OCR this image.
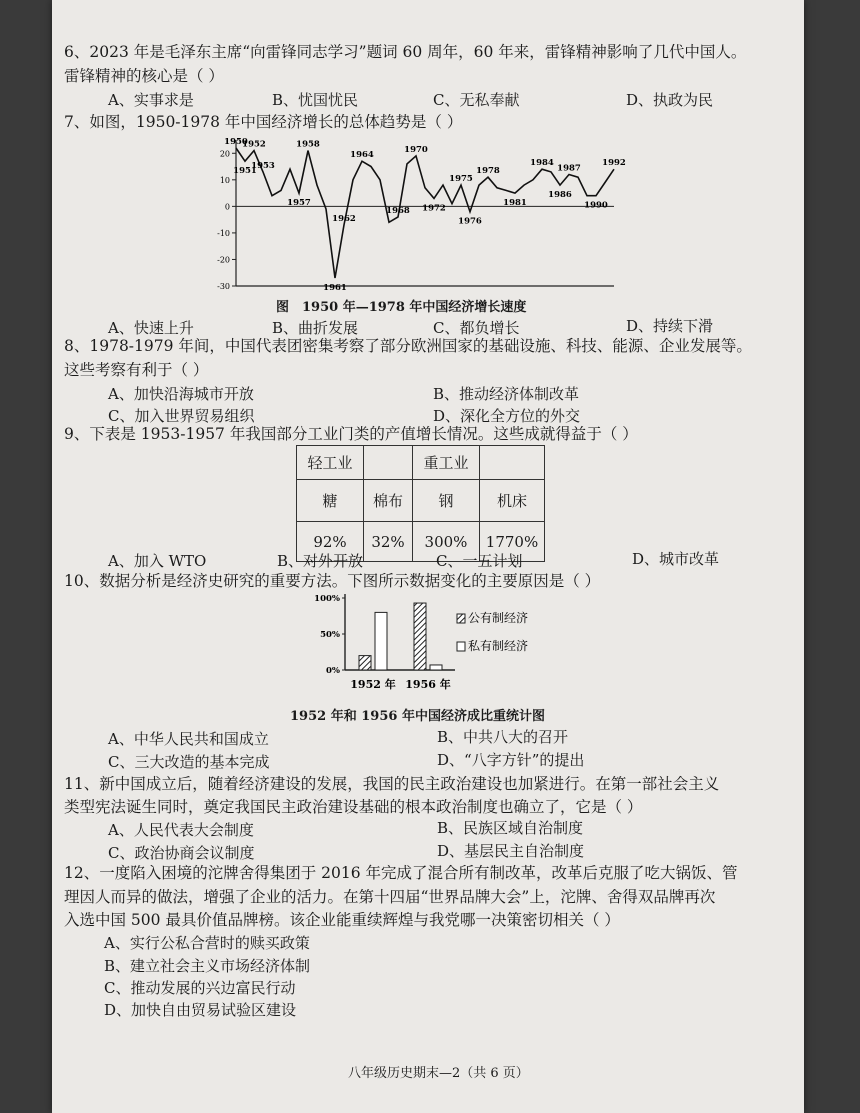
6、2023 年是毛泽东主席“向雷锋同志学习”题词 60 周年，60 年来，雷锋精神影响了几代中国人。
雷锋精神的核心是（ ）
A、实事求是	B、忧国忧民	C、无私奉献	D、执政为民
7、如图，1950-1978 年中国经济增长的总体趋势是（ ）
20
10
0
-10
-20
-30
1950
1951
1952
1953
1957
1958
1961
1962
1964
1968
1970
1972
1975
1976
1978
1981
1984
1986
1987
1990
1992
图　1950 年—1978 年中国经济增长速度
A、快速上升	B、曲折发展	C、都负增长	D、持续下滑
8、1978-1979 年间，中国代表团密集考察了部分欧洲国家的基础设施、科技、能源、企业发展等。
这些考察有利于（ ）
A、加快沿海城市开放	B、推动经济体制改革
C、加入世界贸易组织	D、深化全方位的外交
9、下表是 1953-1957 年我国部分工业门类的产值增长情况。这些成就得益于（ ）
轻工业		重工业	
糖	棉布	钢	机床
92%	32%	300%	1770%
A、加入 WTO	B、对外开放	C、一五计划	D、城市改革
10、数据分析是经济史研究的重要方法。下图所示数据变化的主要原因是（ ）
100%
50%
0%
1952 年 1956 年
公有制经济
私有制经济
1952 年和 1956 年中国经济成比重统计图
A、中华人民共和国成立	B、中共八大的召开
C、三大改造的基本完成	D、“八字方针”的提出
11、新中国成立后，随着经济建设的发展，我国的民主政治建设也加紧进行。在第一部社会主义
类型宪法诞生同时，奠定我国民主政治建设基础的根本政治制度也确立了，它是（ ）
A、人民代表大会制度	B、民族区域自治制度
C、政治协商会议制度	D、基层民主自治制度
12、一度陷入困境的沱牌舍得集团于 2016 年完成了混合所有制改革，改革后克服了吃大锅饭、管
理因人而异的做法，增强了企业的活力。在第十四届“世界品牌大会”上，沱牌、舍得双品牌再次
入选中国 500 最具价值品牌榜。该企业能重续辉煌与我党哪一决策密切相关（ ）
A、实行公私合营时的赎买政策
B、建立社会主义市场经济体制
C、推动发展的兴边富民行动
D、加快自由贸易试验区建设
八年级历史期末—2（共 6 页）
